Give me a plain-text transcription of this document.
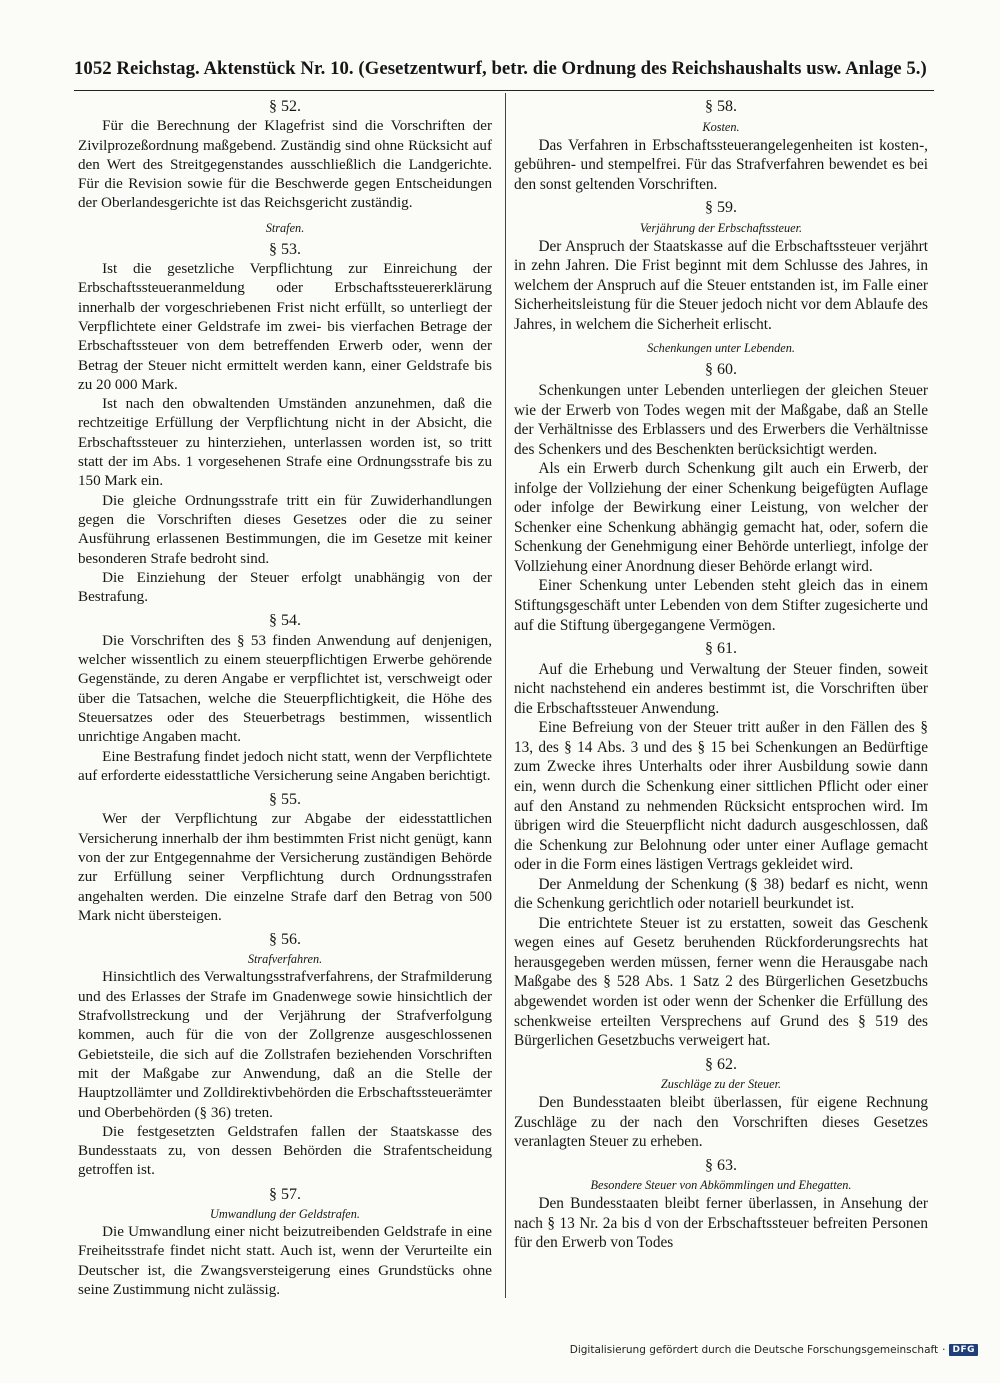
1052 Reichstag. Aktenstück Nr. 10. (Gesetzentwurf, betr. die Ordnung des Reichshaushalts usw. Anlage 5.)
§ 52.

Für die Berechnung der Klagefrist sind die Vorschriften der Zivilprozeßordnung maßgebend. Zuständig sind ohne Rücksicht auf den Wert des Streitgegenstandes ausschließlich die Landgerichte. Für die Revision sowie für die Beschwerde gegen Entscheidungen der Oberlandesgerichte ist das Reichsgericht zuständig.

Strafen.
§ 53.

Ist die gesetzliche Verpflichtung zur Einreichung der Erbschaftssteueranmeldung oder Erbschaftssteuererklärung innerhalb der vorgeschriebenen Frist nicht erfüllt, so unterliegt der Verpflichtete einer Geldstrafe im zwei- bis vierfachen Betrage der Erbschaftssteuer von dem betreffenden Erwerb oder, wenn der Betrag der Steuer nicht ermittelt werden kann, einer Geldstrafe bis zu 20 000 Mark.

Ist nach den obwaltenden Umständen anzunehmen, daß die rechtzeitige Erfüllung der Verpflichtung nicht in der Absicht, die Erbschaftssteuer zu hinterziehen, unterlassen worden ist, so tritt statt der im Abs. 1 vorgesehenen Strafe eine Ordnungsstrafe bis zu 150 Mark ein.

Die gleiche Ordnungsstrafe tritt ein für Zuwiderhandlungen gegen die Vorschriften dieses Gesetzes oder die zu seiner Ausführung erlassenen Bestimmungen, die im Gesetze mit keiner besonderen Strafe bedroht sind.

Die Einziehung der Steuer erfolgt unabhängig von der Bestrafung.

§ 54.

Die Vorschriften des § 53 finden Anwendung auf denjenigen, welcher wissentlich zu einem steuerpflichtigen Erwerbe gehörende Gegenstände, zu deren Angabe er verpflichtet ist, verschweigt oder über die Tatsachen, welche die Steuerpflichtigkeit, die Höhe des Steuersatzes oder des Steuerbetrags bestimmen, wissentlich unrichtige Angaben macht.

Eine Bestrafung findet jedoch nicht statt, wenn der Verpflichtete auf erforderte eidesstattliche Versicherung seine Angaben berichtigt.

§ 55.

Wer der Verpflichtung zur Abgabe der eidesstattlichen Versicherung innerhalb der ihm bestimmten Frist nicht genügt, kann von der zur Entgegennahme der Versicherung zuständigen Behörde zur Erfüllung seiner Verpflichtung durch Ordnungsstrafen angehalten werden. Die einzelne Strafe darf den Betrag von 500 Mark nicht übersteigen.

§ 56.
Strafverfahren.

Hinsichtlich des Verwaltungsstrafverfahrens, der Strafmilderung und des Erlasses der Strafe im Gnadenwege sowie hinsichtlich der Strafvollstreckung und der Verjährung der Strafverfolgung kommen, auch für die von der Zollgrenze ausgeschlossenen Gebietsteile, die sich auf die Zollstrafen beziehenden Vorschriften mit der Maßgabe zur Anwendung, daß an die Stelle der Hauptzollämter und Zolldirektivbehörden die Erbschaftssteuerämter und Oberbehörden (§ 36) treten.

Die festgesetzten Geldstrafen fallen der Staatskasse des Bundesstaats zu, von dessen Behörden die Strafentscheidung getroffen ist.

§ 57.
Umwandlung der Geldstrafen.

Die Umwandlung einer nicht beizutreibenden Geldstrafe in eine Freiheitsstrafe findet nicht statt. Auch ist, wenn der Verurteilte ein Deutscher ist, die Zwangsversteigerung eines Grundstücks ohne seine Zustimmung nicht zulässig.

§ 58.
Kosten.

Das Verfahren in Erbschaftssteuerangelegenheiten ist kosten-, gebühren- und stempelfrei. Für das Strafverfahren bewendet es bei den sonst geltenden Vorschriften.

§ 59.
Verjährung der Erbschaftssteuer.

Der Anspruch der Staatskasse auf die Erbschaftssteuer verjährt in zehn Jahren. Die Frist beginnt mit dem Schlusse des Jahres, in welchem der Anspruch auf die Steuer entstanden ist, im Falle einer Sicherheitsleistung für die Steuer jedoch nicht vor dem Ablaufe des Jahres, in welchem die Sicherheit erlischt.

Schenkungen unter Lebenden.
§ 60.

Schenkungen unter Lebenden unterliegen der gleichen Steuer wie der Erwerb von Todes wegen mit der Maßgabe, daß an Stelle der Verhältnisse des Erblassers und des Erwerbers die Verhältnisse des Schenkers und des Beschenkten berücksichtigt werden.

Als ein Erwerb durch Schenkung gilt auch ein Erwerb, der infolge der Vollziehung der einer Schenkung beigefügten Auflage oder infolge der Bewirkung einer Leistung, von welcher der Schenker eine Schenkung abhängig gemacht hat, oder, sofern die Schenkung der Genehmigung einer Behörde unterliegt, infolge der Vollziehung einer Anordnung dieser Behörde erlangt wird.

Einer Schenkung unter Lebenden steht gleich das in einem Stiftungsgeschäft unter Lebenden von dem Stifter zugesicherte und auf die Stiftung übergegangene Vermögen.

§ 61.

Auf die Erhebung und Verwaltung der Steuer finden, soweit nicht nachstehend ein anderes bestimmt ist, die Vorschriften über die Erbschaftssteuer Anwendung.

Eine Befreiung von der Steuer tritt außer in den Fällen des § 13, des § 14 Abs. 3 und des § 15 bei Schenkungen an Bedürftige zum Zwecke ihres Unterhalts oder ihrer Ausbildung sowie dann ein, wenn durch die Schenkung einer sittlichen Pflicht oder einer auf den Anstand zu nehmenden Rücksicht entsprochen wird. Im übrigen wird die Steuerpflicht nicht dadurch ausgeschlossen, daß die Schenkung zur Belohnung oder unter einer Auflage gemacht oder in die Form eines lästigen Vertrags gekleidet wird.

Der Anmeldung der Schenkung (§ 38) bedarf es nicht, wenn die Schenkung gerichtlich oder notariell beurkundet ist.

Die entrichtete Steuer ist zu erstatten, soweit das Geschenk wegen eines auf Gesetz beruhenden Rückforderungsrechts hat herausgegeben werden müssen, ferner wenn die Herausgabe nach Maßgabe des § 528 Abs. 1 Satz 2 des Bürgerlichen Gesetzbuchs abgewendet worden ist oder wenn der Schenker die Erfüllung des schenkweise erteilten Versprechens auf Grund des § 519 des Bürgerlichen Gesetzbuchs verweigert hat.

§ 62.
Zuschläge zu der Steuer.

Den Bundesstaaten bleibt überlassen, für eigene Rechnung Zuschläge zu der nach den Vorschriften dieses Gesetzes veranlagten Steuer zu erheben.

§ 63.
Besondere Steuer von Abkömmlingen und Ehegatten.

Den Bundesstaaten bleibt ferner überlassen, in Ansehung der nach § 13 Nr. 2a bis d von der Erbschaftssteuer befreiten Personen für den Erwerb von Todes

Digitalisierung gefördert durch die Deutsche Forschungsgemeinschaft · DFG
